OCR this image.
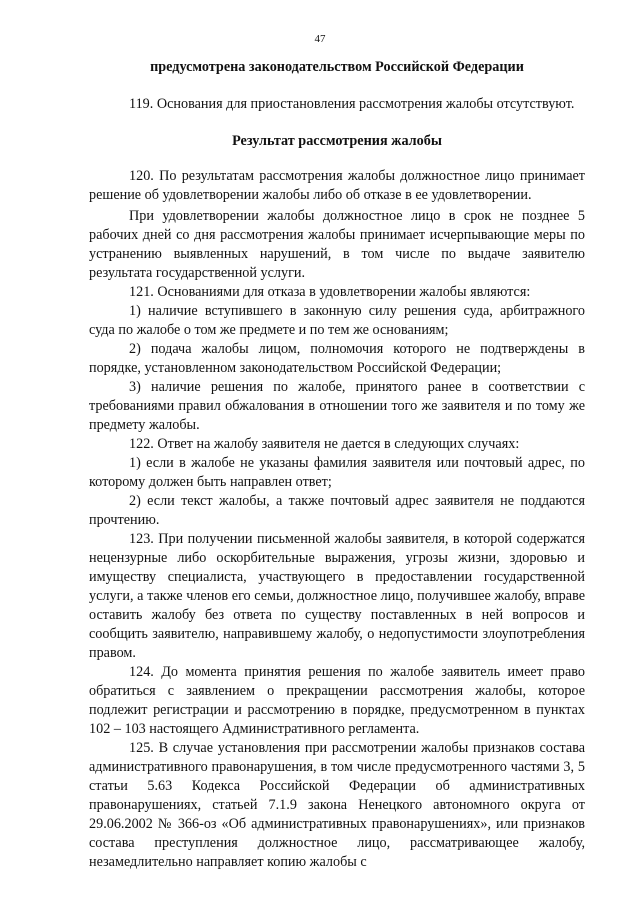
47

предусмотрена законодательством Российской Федерации

119. Основания для приостановления рассмотрения жалобы отсутствуют.

Результат рассмотрения жалобы

120. По результатам рассмотрения жалобы должностное лицо принимает решение об удовлетворении жалобы либо об отказе в ее удовлетворении.

При удовлетворении жалобы должностное лицо в срок не позднее 5 рабочих дней со дня рассмотрения жалобы принимает исчерпывающие меры по устранению выявленных нарушений, в том числе по выдаче заявителю результата государственной услуги.

121. Основаниями для отказа в удовлетворении жалобы являются:

1) наличие вступившего в законную силу решения суда, арбитражного суда по жалобе о том же предмете и по тем же основаниям;

2) подача жалобы лицом, полномочия которого не подтверждены в порядке, установленном законодательством Российской Федерации;

3) наличие решения по жалобе, принятого ранее в соответствии с требованиями правил обжалования в отношении того же заявителя и по тому же предмету жалобы.

122. Ответ на жалобу заявителя не дается в следующих случаях:

1) если в жалобе не указаны фамилия заявителя или почтовый адрес, по которому должен быть направлен ответ;

2) если текст жалобы, а также почтовый адрес заявителя не поддаются прочтению.

123. При получении письменной жалобы заявителя, в которой содержатся нецензурные либо оскорбительные выражения, угрозы жизни, здоровью и имуществу специалиста, участвующего в предоставлении государственной услуги, а также членов его семьи, должностное лицо, получившее жалобу, вправе оставить жалобу без ответа по существу поставленных в ней вопросов и сообщить заявителю, направившему жалобу, о недопустимости злоупотребления правом.

124. До момента принятия решения по жалобе заявитель имеет право обратиться с заявлением о прекращении рассмотрения жалобы, которое подлежит регистрации и рассмотрению в порядке, предусмотренном в пунктах 102 – 103 настоящего Административного регламента.

125. В случае установления при рассмотрении жалобы признаков состава административного правонарушения, в том числе предусмотренного частями 3, 5 статьи 5.63 Кодекса Российской Федерации об административных правонарушениях, статьей 7.1.9 закона Ненецкого автономного округа от 29.06.2002 № 366-оз «Об административных правонарушениях», или признаков состава преступления должностное лицо, рассматривающее жалобу, незамедлительно направляет копию жалобы с
